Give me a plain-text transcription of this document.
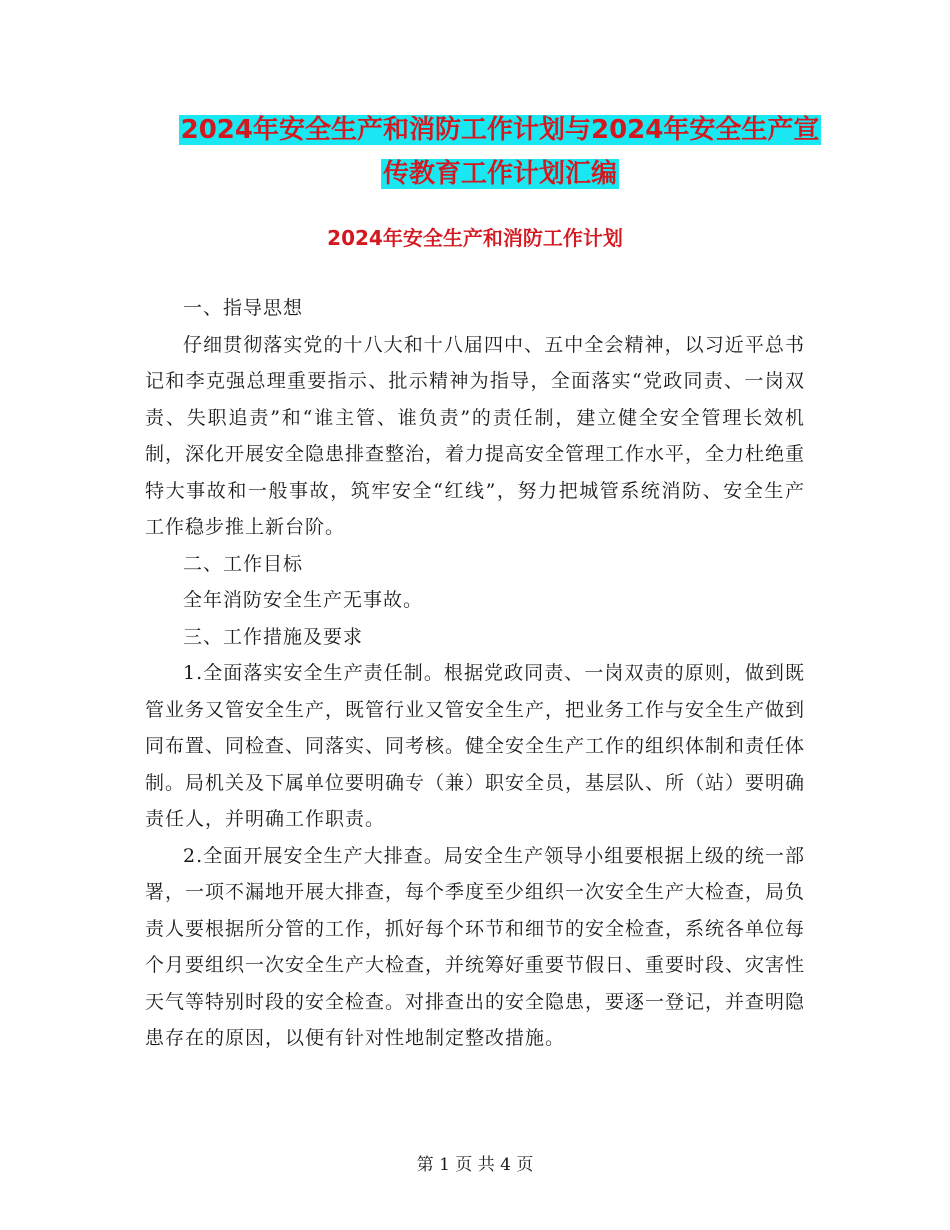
2024年安全生产和消防工作计划与2024年安全生产宣
传教育工作计划汇编
2024年安全生产和消防工作计划

一、指导思想

仔细贯彻落实党的十八大和十八届四中、五中全会精神，以习近平总书记和李克强总理重要指示、批示精神为指导，全面落实“党政同责、一岗双责、失职追责”和“谁主管、谁负责”的责任制，建立健全安全管理长效机制，深化开展安全隐患排查整治，着力提高安全管理工作水平，全力杜绝重特大事故和一般事故，筑牢安全“红线”，努力把城管系统消防、安全生产工作稳步推上新台阶。

二、工作目标

全年消防安全生产无事故。

三、工作措施及要求

1.全面落实安全生产责任制。根据党政同责、一岗双责的原则，做到既管业务又管安全生产，既管行业又管安全生产，把业务工作与安全生产做到同布置、同检查、同落实、同考核。健全安全生产工作的组织体制和责任体制。局机关及下属单位要明确专（兼）职安全员，基层队、所（站）要明确责任人，并明确工作职责。

2.全面开展安全生产大排查。局安全生产领导小组要根据上级的统一部署，一项不漏地开展大排查，每个季度至少组织一次安全生产大检查，局负责人要根据所分管的工作，抓好每个环节和细节的安全检查，系统各单位每个月要组织一次安全生产大检查，并统筹好重要节假日、重要时段、灾害性天气等特别时段的安全检查。对排查出的安全隐患，要逐一登记，并查明隐患存在的原因，以便有针对性地制定整改措施。

第 1 页 共 4 页
